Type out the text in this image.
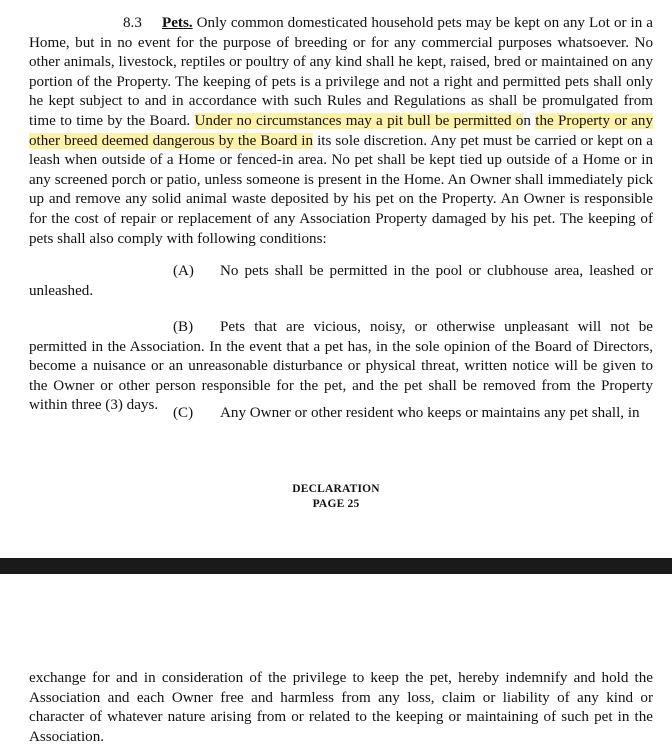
8.3 Pets. Only common domesticated household pets may be kept on any Lot or in a Home, but in no event for the purpose of breeding or for any commercial purposes whatsoever. No other animals, livestock, reptiles or poultry of any kind shall he kept, raised, bred or maintained on any portion of the Property. The keeping of pets is a privilege and not a right and permitted pets shall only he kept subject to and in accordance with such Rules and Regulations as shall be promulgated from time to time by the Board. Under no circumstances may a pit bull be permitted on the Property or any other breed deemed dangerous by the Board in its sole discretion. Any pet must be carried or kept on a leash when outside of a Home or fenced-in area. No pet shall be kept tied up outside of a Home or in any screened porch or patio, unless someone is present in the Home. An Owner shall immediately pick up and remove any solid animal waste deposited by his pet on the Property. An Owner is responsible for the cost of repair or replacement of any Association Property damaged by his pet. The keeping of pets shall also comply with following conditions:

(A) No pets shall be permitted in the pool or clubhouse area, leashed or unleashed.

(B) Pets that are vicious, noisy, or otherwise unpleasant will not be permitted in the Association. In the event that a pet has, in the sole opinion of the Board of Directors, become a nuisance or an unreasonable disturbance or physical threat, written notice will be given to the Owner or other person responsible for the pet, and the pet shall be removed from the Property within three (3) days. (C) Any Owner or other resident who keeps or maintains any pet shall, in

DECLARATION
PAGE 25

exchange for and in consideration of the privilege to keep the pet, hereby indemnify and hold the Association and each Owner free and harmless from any loss, claim or liability of any kind or character of whatever nature arising from or related to the keeping or maintaining of such pet in the Association.
